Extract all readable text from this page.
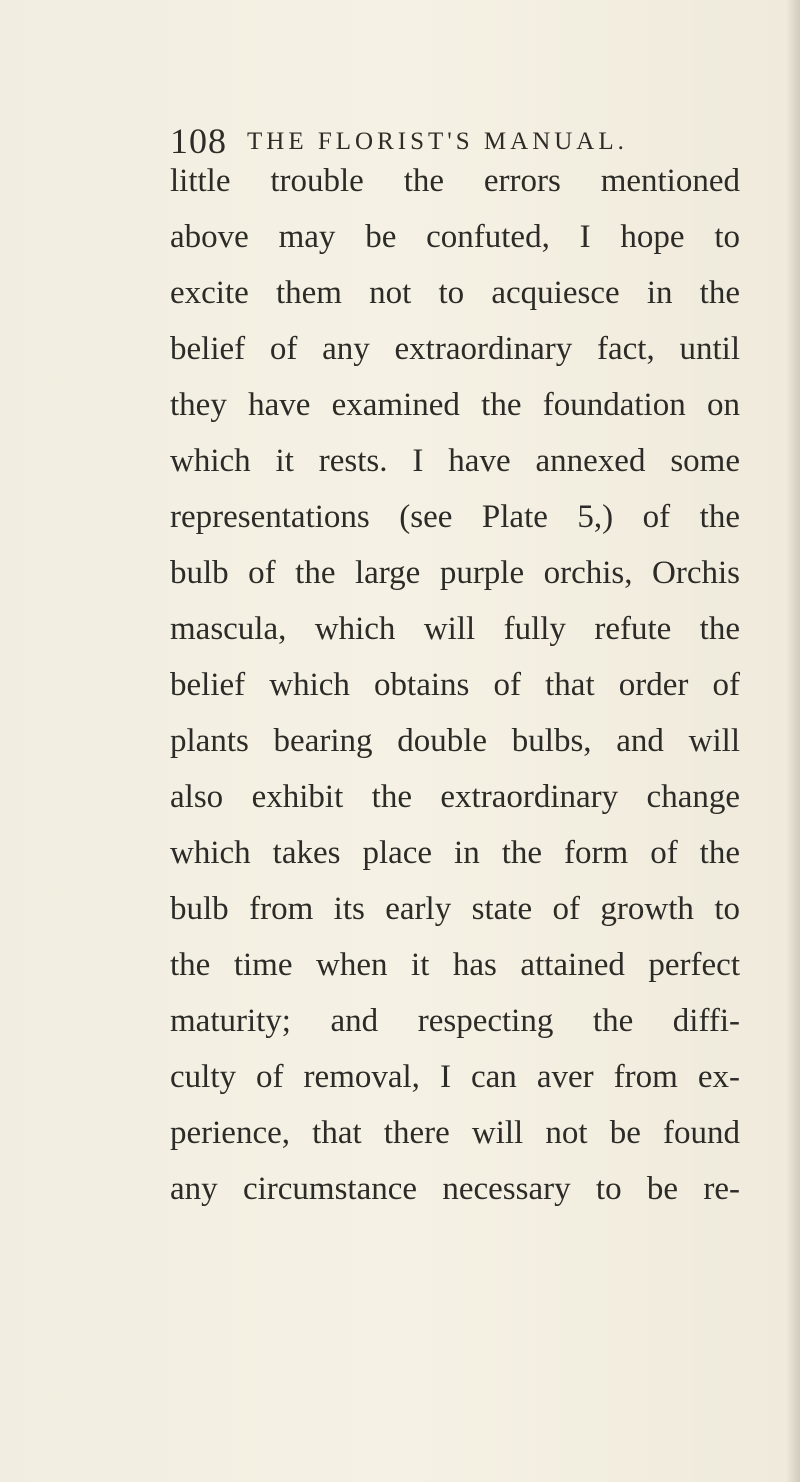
108 THE FLORIST'S MANUAL.
little trouble the errors mentioned
above may be confuted, I hope to
excite them not to acquiesce in the
belief of any extraordinary fact, until
they have examined the foundation on
which it rests. I have annexed some
representations (see Plate 5,) of the
bulb of the large purple orchis, Orchis
mascula, which will fully refute the
belief which obtains of that order of
plants bearing double bulbs, and will
also exhibit the extraordinary change
which takes place in the form of the
bulb from its early state of growth to
the time when it has attained perfect
maturity; and respecting the diffi-
culty of removal, I can aver from ex-
perience, that there will not be found
any circumstance necessary to be re-
